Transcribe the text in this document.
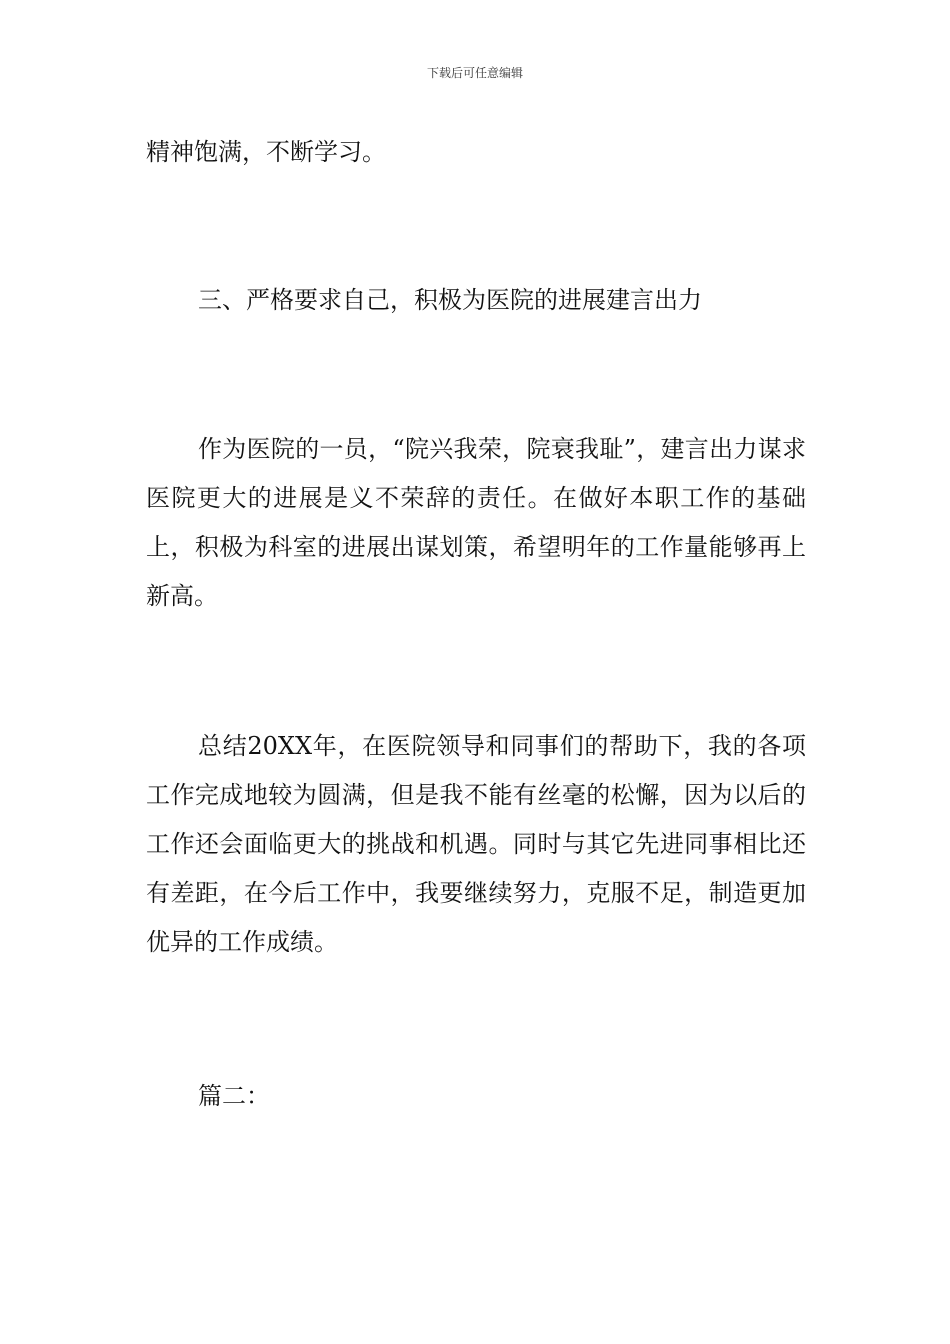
下载后可任意编辑

精神饱满，不断学习。

三、严格要求自己，积极为医院的进展建言出力

作为医院的一员，“院兴我荣，院衰我耻”，建言出力谋求医院更大的进展是义不荣辞的责任。在做好本职工作的基础上，积极为科室的进展出谋划策，希望明年的工作量能够再上新高。

总结20XX年，在医院领导和同事们的帮助下，我的各项工作完成地较为圆满，但是我不能有丝毫的松懈，因为以后的工作还会面临更大的挑战和机遇。同时与其它先进同事相比还有差距，在今后工作中，我要继续努力，克服不足，制造更加优异的工作成绩。

篇二：
